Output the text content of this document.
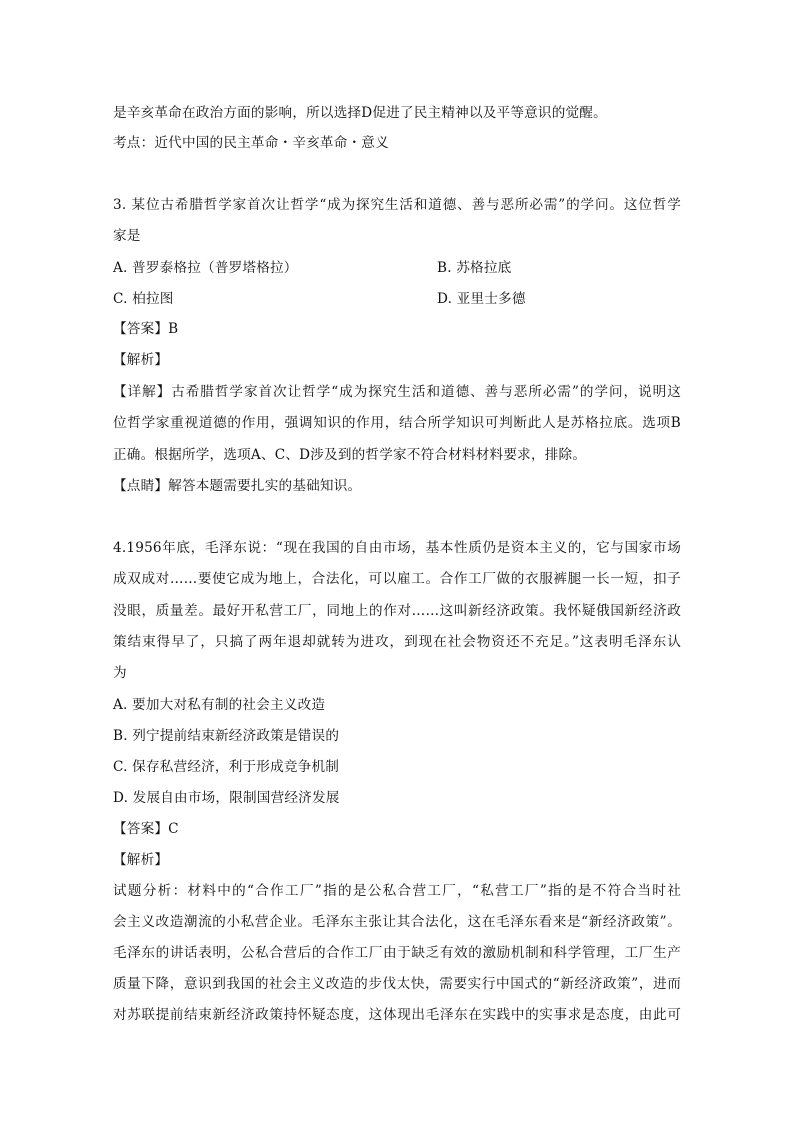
是辛亥革命在政治方面的影响，所以选择D促进了民主精神以及平等意识的觉醒。
考点：近代中国的民主革命・辛亥革命・意义
3. 某位古希腊哲学家首次让哲学“成为探究生活和道德、善与恶所必需”的学问。这位哲学
家是
A. 普罗泰格拉（普罗塔格拉）	B. 苏格拉底
C. 柏拉图	D. 亚里士多德
【答案】B
【解析】
【详解】古希腊哲学家首次让哲学“成为探究生活和道德、善与恶所必需”的学问，说明这
位哲学家重视道德的作用，强调知识的作用，结合所学知识可判断此人是苏格拉底。选项B
正确。根据所学，选项A、C、D涉及到的哲学家不符合材料材料要求，排除。
【点睛】解答本题需要扎实的基础知识。
4.1956年底，毛泽东说：“现在我国的自由市场，基本性质仍是资本主义的，它与国家市场
成双成对……要使它成为地上，合法化，可以雇工。合作工厂做的衣服裤腿一长一短，扣子
没眼，质量差。最好开私营工厂，同地上的作对……这叫新经济政策。我怀疑俄国新经济政
策结束得早了，只搞了两年退却就转为进攻，到现在社会物资还不充足。”这表明毛泽东认
为
A. 要加大对私有制的社会主义改造
B. 列宁提前结束新经济政策是错误的
C. 保存私营经济，利于形成竞争机制
D. 发展自由市场，限制国营经济发展
【答案】C
【解析】
试题分析：材料中的“合作工厂”指的是公私合营工厂，“私营工厂”指的是不符合当时社
会主义改造潮流的小私营企业。毛泽东主张让其合法化，这在毛泽东看来是“新经济政策”。
毛泽东的讲话表明，公私合营后的合作工厂由于缺乏有效的激励机制和科学管理，工厂生产
质量下降，意识到我国的社会主义改造的步伐太快，需要实行中国式的“新经济政策”，进而
对苏联提前结束新经济政策持怀疑态度，这体现出毛泽东在实践中的实事求是态度，由此可
